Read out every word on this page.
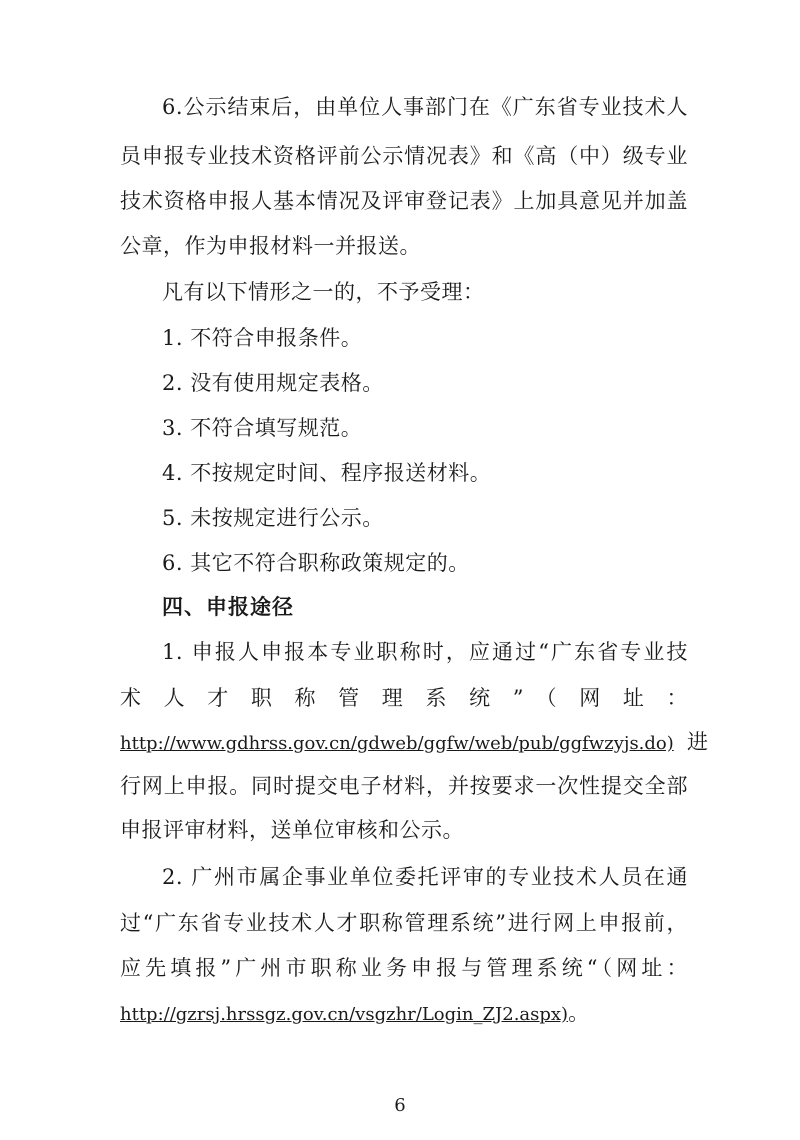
6.公示结束后，由单位人事部门在《广东省专业技术人
员申报专业技术资格评前公示情况表》和《高（中）级专业
技术资格申报人基本情况及评审登记表》上加具意见并加盖
公章，作为申报材料一并报送。
凡有以下情形之一的，不予受理：
1. 不符合申报条件。
2. 没有使用规定表格。
3. 不符合填写规范。
4. 不按规定时间、程序报送材料。
5. 未按规定进行公示。
6. 其它不符合职称政策规定的。
四、申报途径
1. 申报人申报本专业职称时，应通过“广东省专业技
术人才职称管理系统”（网址：
http://www.gdhrss.gov.cn/gdweb/ggfw/web/pub/ggfwzyjs.do) 进
行网上申报。同时提交电子材料，并按要求一次性提交全部
申报评审材料，送单位审核和公示。
2. 广州市属企事业单位委托评审的专业技术人员在通
过“广东省专业技术人才职称管理系统”进行网上申报前，
应先填报”广州市职称业务申报与管理系统“（网址：
http://gzrsj.hrssgz.gov.cn/vsgzhr/Login_ZJ2.aspx)。
6
